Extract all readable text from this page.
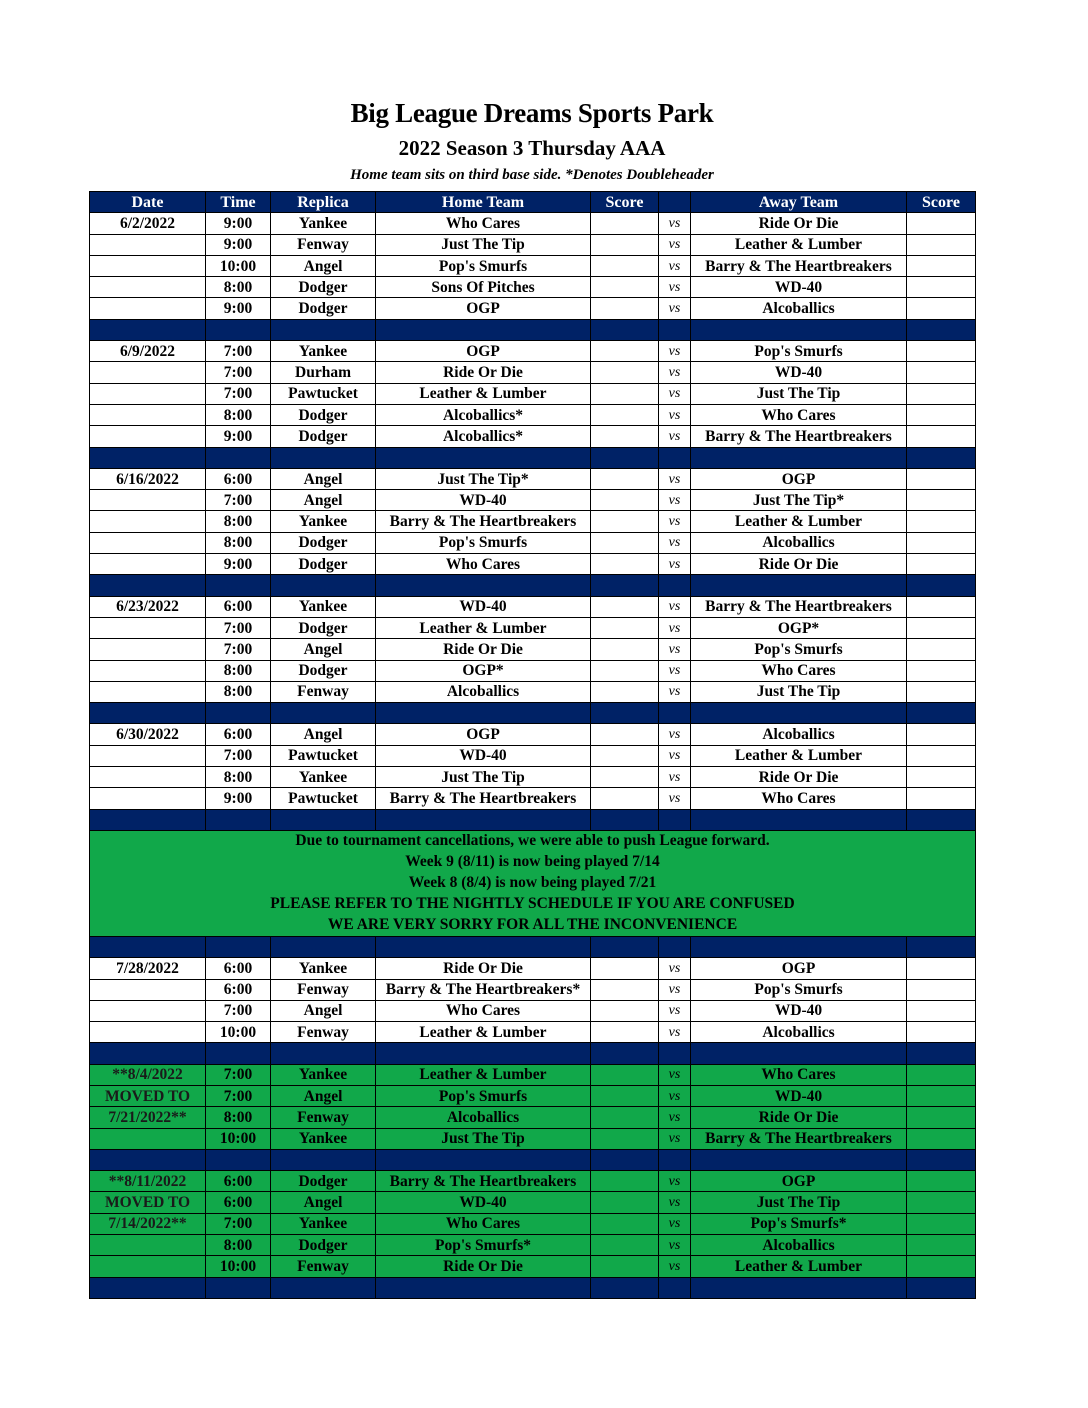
Big League Dreams Sports Park
2022 Season 3 Thursday AAA
Home team sits on third base side. *Denotes Doubleheader
Date	Time	Replica	Home Team	Score		Away Team	Score
6/2/2022	9:00	Yankee	Who Cares		vs	Ride Or Die	
	9:00	Fenway	Just The Tip		vs	Leather & Lumber	
	10:00	Angel	Pop's Smurfs		vs	Barry & The Heartbreakers	
	8:00	Dodger	Sons Of Pitches		vs	WD-40	
	9:00	Dodger	OGP		vs	Alcoballics	

6/9/2022	7:00	Yankee	OGP		vs	Pop's Smurfs	
	7:00	Durham	Ride Or Die		vs	WD-40	
	7:00	Pawtucket	Leather & Lumber		vs	Just The Tip	
	8:00	Dodger	Alcoballics*		vs	Who Cares	
	9:00	Dodger	Alcoballics*		vs	Barry & The Heartbreakers	

6/16/2022	6:00	Angel	Just The Tip*		vs	OGP	
	7:00	Angel	WD-40		vs	Just The Tip*	
	8:00	Yankee	Barry & The Heartbreakers		vs	Leather & Lumber	
	8:00	Dodger	Pop's Smurfs		vs	Alcoballics	
	9:00	Dodger	Who Cares		vs	Ride Or Die	

6/23/2022	6:00	Yankee	WD-40		vs	Barry & The Heartbreakers	
	7:00	Dodger	Leather & Lumber		vs	OGP*	
	7:00	Angel	Ride Or Die		vs	Pop's Smurfs	
	8:00	Dodger	OGP*		vs	Who Cares	
	8:00	Fenway	Alcoballics		vs	Just The Tip	

6/30/2022	6:00	Angel	OGP		vs	Alcoballics	
	7:00	Pawtucket	WD-40		vs	Leather & Lumber	
	8:00	Yankee	Just The Tip		vs	Ride Or Die	
	9:00	Pawtucket	Barry & The Heartbreakers		vs	Who Cares	

Due to tournament cancellations, we were able to push League forward.
Week 9 (8/11) is now being played 7/14
Week 8 (8/4) is now being played 7/21
PLEASE REFER TO THE NIGHTLY SCHEDULE IF YOU ARE CONFUSED
WE ARE VERY SORRY FOR ALL THE INCONVENIENCE							

7/28/2022	6:00	Yankee	Ride Or Die		vs	OGP	
	6:00	Fenway	Barry & The Heartbreakers*		vs	Pop's Smurfs	
	7:00	Angel	Who Cares		vs	WD-40	
	10:00	Fenway	Leather & Lumber		vs	Alcoballics	

**8/4/2022	7:00	Yankee	Leather & Lumber		vs	Who Cares	
MOVED TO	7:00	Angel	Pop's Smurfs		vs	WD-40	
7/21/2022**	8:00	Fenway	Alcoballics		vs	Ride Or Die	
	10:00	Yankee	Just The Tip		vs	Barry & The Heartbreakers	

**8/11/2022	6:00	Dodger	Barry & The Heartbreakers		vs	OGP	
MOVED TO	6:00	Angel	WD-40		vs	Just The Tip	
7/14/2022**	7:00	Yankee	Who Cares		vs	Pop's Smurfs*	
	8:00	Dodger	Pop's Smurfs*		vs	Alcoballics	
	10:00	Fenway	Ride Or Die		vs	Leather & Lumber	
